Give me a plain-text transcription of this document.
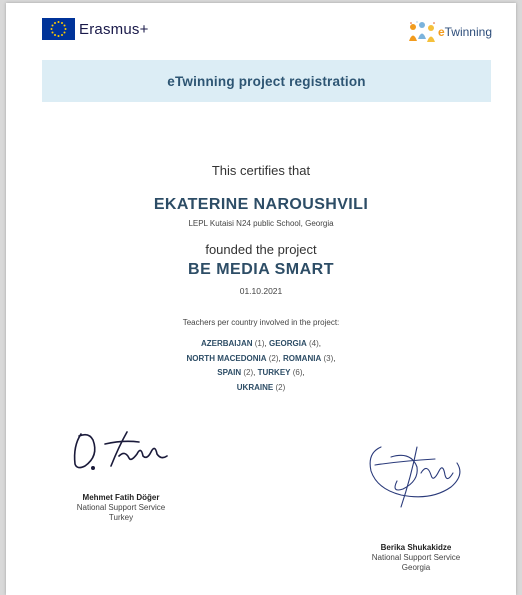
Erasmus+	eTwinning
eTwinning project registration
This certifies that
EKATERINE NAROUSHVILI
LEPL Kutaisi N24 public School, Georgia
founded the project
BE MEDIA SMART
01.10.2021
Teachers per country involved in the project:
AZERBAIJAN (1), GEORGIA (4),
NORTH MACEDONIA (2), ROMANIA (3),
SPAIN (2), TURKEY (6),
UKRAINE (2)
Mehmet Fatih Döğer
National Support Service
Turkey
Berika Shukakidze
National Support Service
Georgia
